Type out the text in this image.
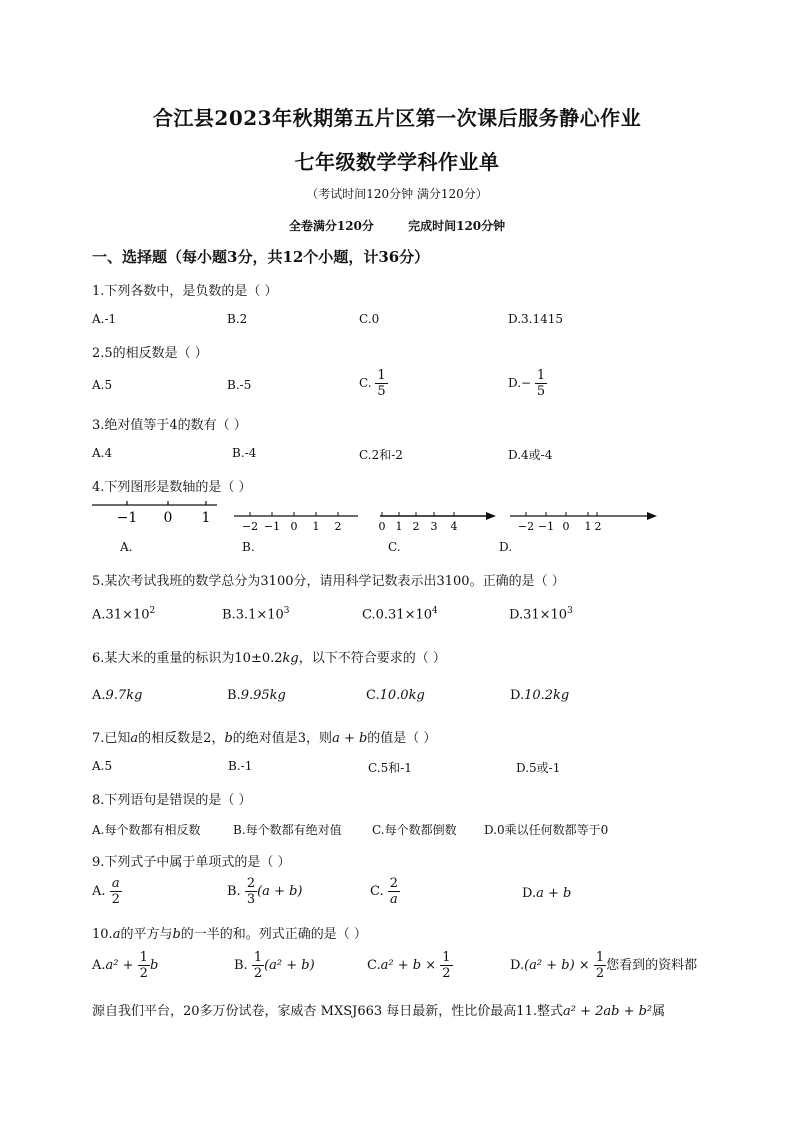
合江县2023年秋期第五片区第一次课后服务静心作业
七年级数学学科作业单
（考试时间120分钟 满分120分）
全卷满分120分	完成时间120分钟
一、选择题（每小题3分，共12个小题，计36分）
1.下列各数中，是负数的是（ ）
A.-1	B.2	C.0	D.3.1415
2.5的相反数是（ ）
A.5	B.-5	C. $\frac{1}{5}$	$D.- \frac{1}{5}$
3.绝对值等于4的数有（ ）
A.4	B.-4	C.2和-2	D.4或-4
4.下列图形是数轴的是（ ）
−1 0 1
−2 −1 0 1 2	0 1 2 3 4	−2 −1 0 1 2
A.	B.	C.	D.
5.某次考试我班的数学总分为3100分，请用科学记数表示出3100。正确的是（ ）
$A.31\times 10^2$	$B.3.1\times 10^3$	$C.0.31\times 10^4$	$D.31\times 10^3$
6.某大米的重量的标识为10±0.2kg，以下不符合要求的（ ）
A.9.7kg	B.9.95kg	C.10.0kg	D.10.2kg
7.已知a的相反数是2，b的绝对值是3，则a + b的值是（ ）
A.5	B.-1	C.5和-1	D.5或-1
8.下列语句是错误的是（ ）
A.每个数都有相反数	B.每个数都有绝对值	C.每个数都倒数 D.0乘以任何数都等于0
9.下列式子中属于单项式的是（ ）
A. $\frac{a}{2}$	B. $\frac{2}{3} (a + b)$	C. $\frac{2}{a}$	D.a + b
10.a的平方与b的一半的和。列式正确的是（ ）
$A.a^2 + \frac{1}{2}$ b	B. $\frac{1}{2} (a^2 + b)$	$C.a^2 + b \times \frac{1}{2}$	$D.(a^2 + b) \times \frac{1}{2}$ 您看到的资料都
源自我们平台，20多万份试卷，家威杏 MXSJ663 每日最新，性比价最高11.整式a² + 2ab + b²属
